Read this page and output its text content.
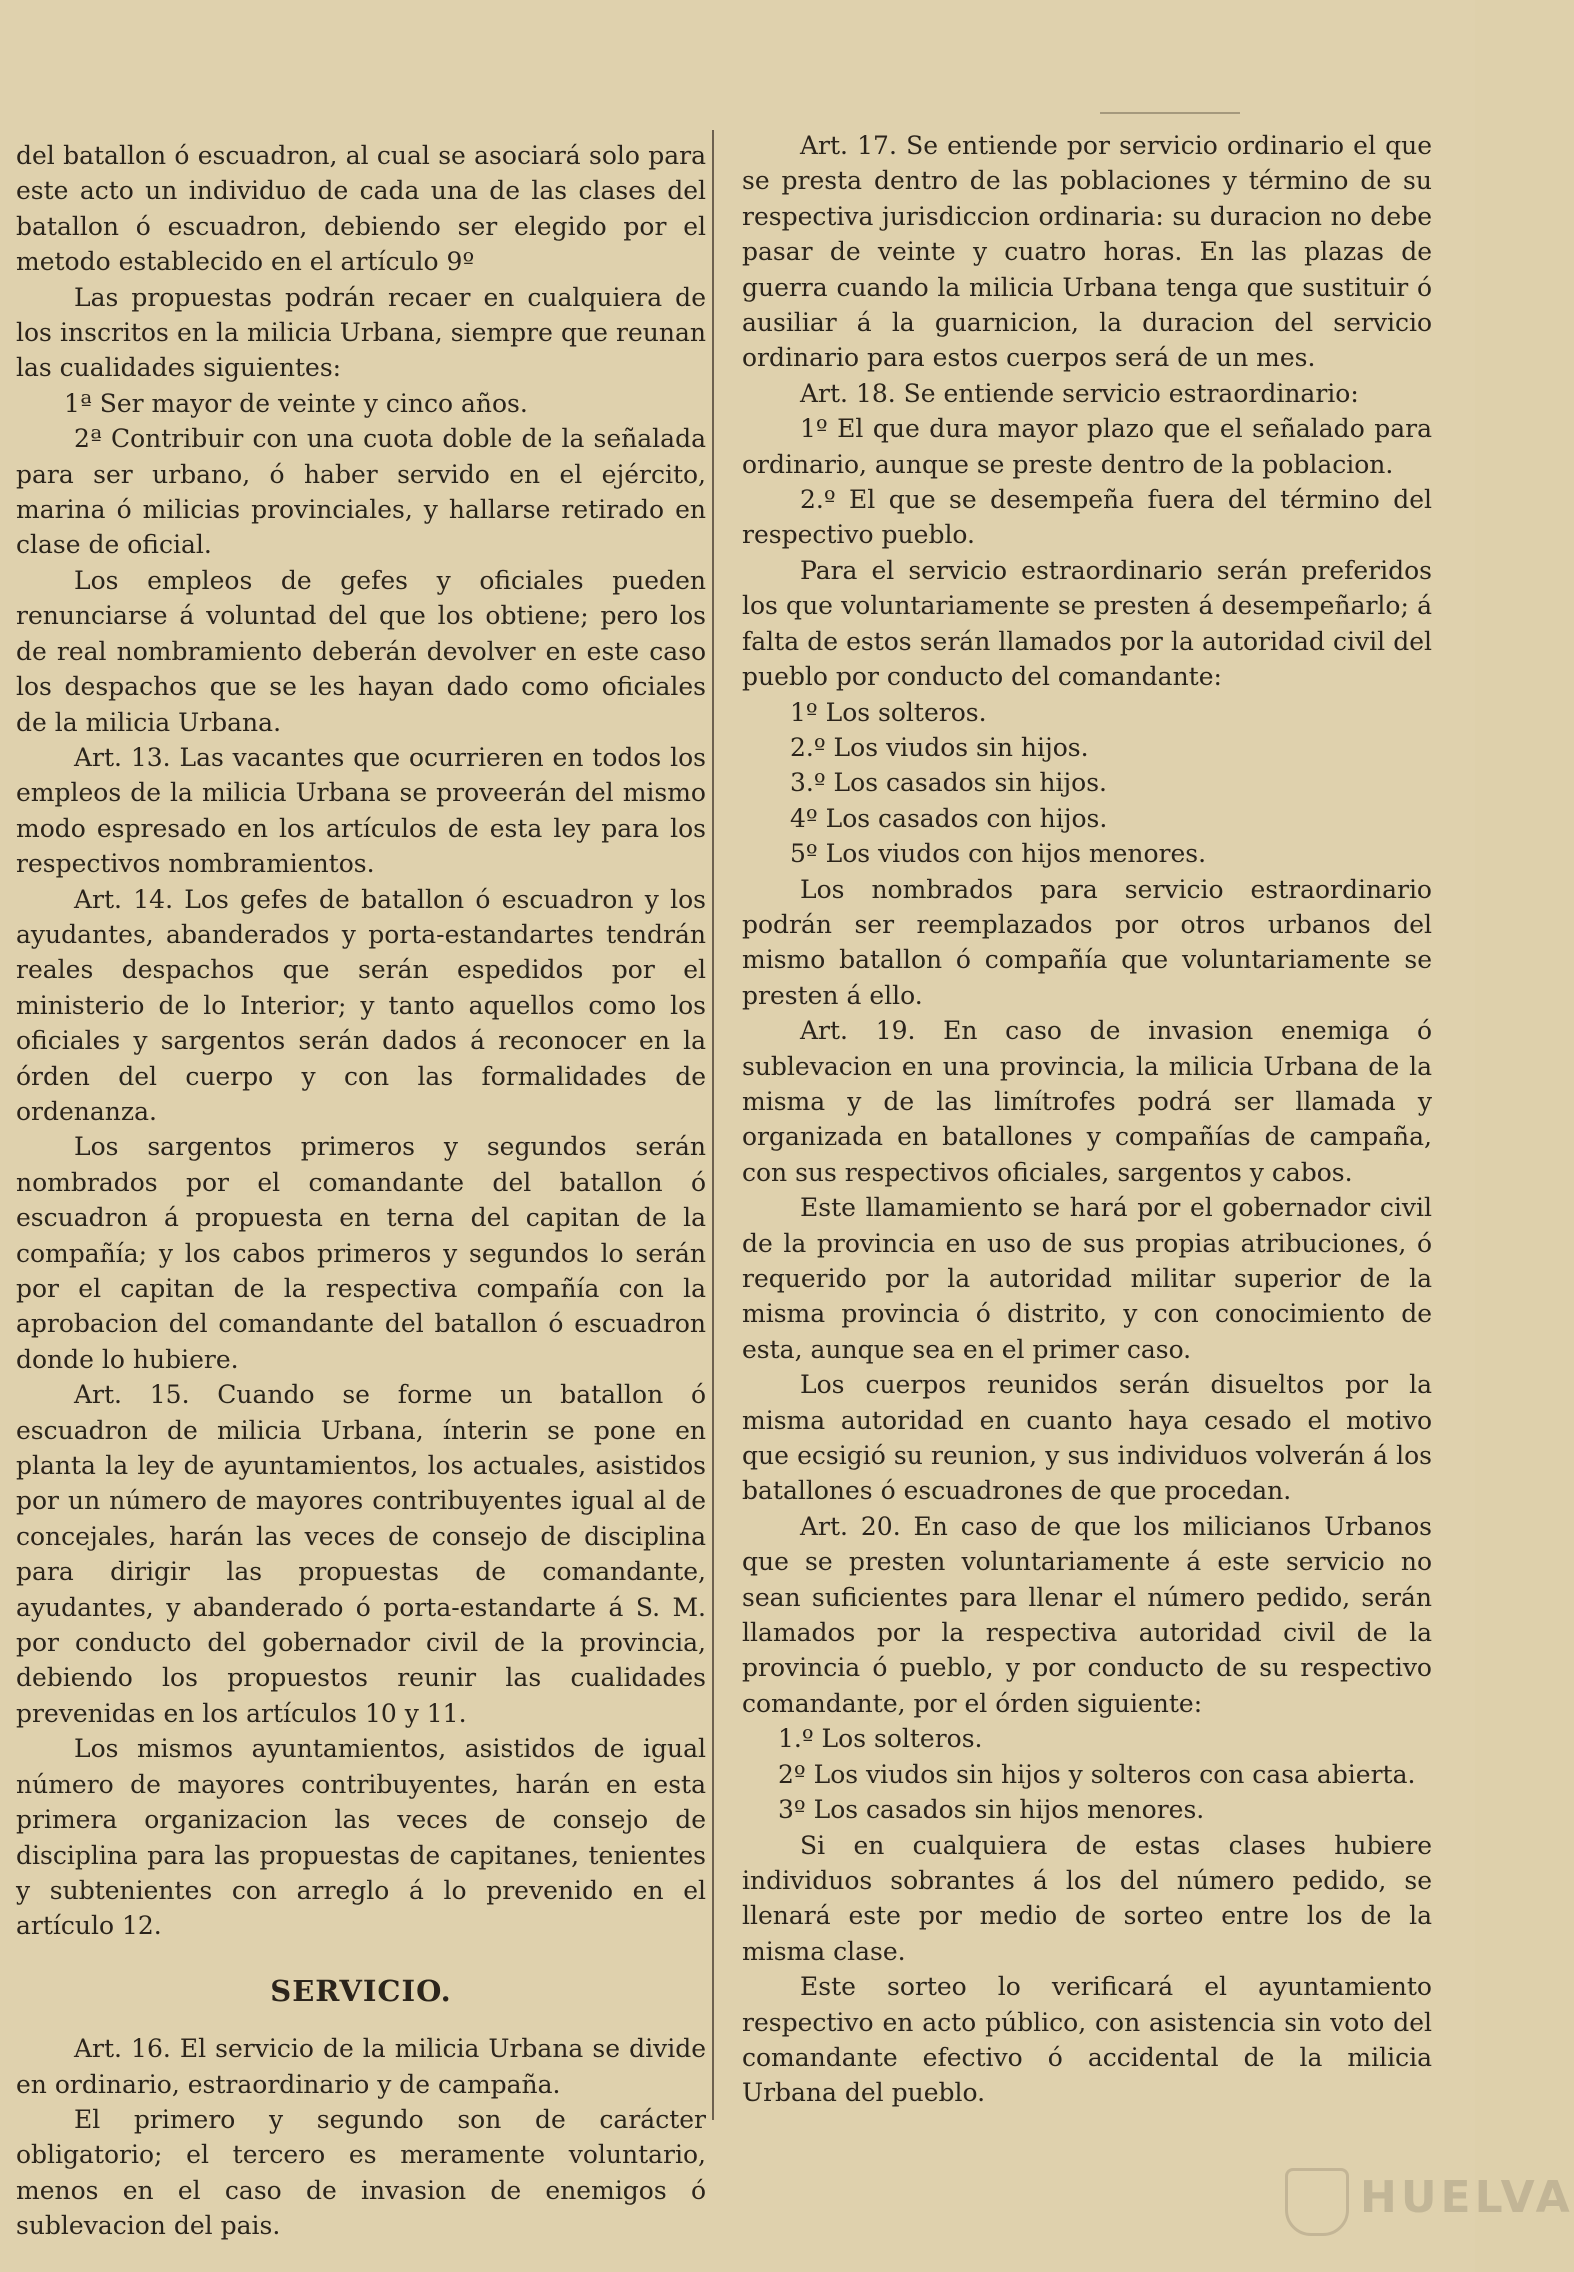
del batallon ó escuadron, al cual se asociará solo para este acto un individuo de cada una de las clases del batallon ó escuadron, debiendo ser elegido por el metodo establecido en el artículo 9º

Las propuestas podrán recaer en cualquiera de los inscritos en la milicia Urbana, siempre que reunan las cualidades siguientes:

1ª Ser mayor de veinte y cinco años.

2ª Contribuir con una cuota doble de la señalada para ser urbano, ó haber servido en el ejército, marina ó milicias provinciales, y hallarse retirado en clase de oficial.

Los empleos de gefes y oficiales pueden renunciarse á voluntad del que los obtiene; pero los de real nombramiento deberán devolver en este caso los despachos que se les hayan dado como oficiales de la milicia Urbana.

Art. 13. Las vacantes que ocurrieren en todos los empleos de la milicia Urbana se proveerán del mismo modo espresado en los artículos de esta ley para los respectivos nombramientos.

Art. 14. Los gefes de batallon ó escuadron y los ayudantes, abanderados y porta-estandartes tendrán reales despachos que serán espedidos por el ministerio de lo Interior; y tanto aquellos como los oficiales y sargentos serán dados á reconocer en la órden del cuerpo y con las formalidades de ordenanza.

Los sargentos primeros y segundos serán nombrados por el comandante del batallon ó escuadron á propuesta en terna del capitan de la compañía; y los cabos primeros y segundos lo serán por el capitan de la respectiva compañía con la aprobacion del comandante del batallon ó escuadron donde lo hubiere.

Art. 15. Cuando se forme un batallon ó escuadron de milicia Urbana, ínterin se pone en planta la ley de ayuntamientos, los actuales, asistidos por un número de mayores contribuyentes igual al de concejales, harán las veces de consejo de disciplina para dirigir las propuestas de comandante, ayudantes, y abanderado ó porta-estandarte á S. M. por conducto del gobernador civil de la provincia, debiendo los propuestos reunir las cualidades prevenidas en los artículos 10 y 11.

Los mismos ayuntamientos, asistidos de igual número de mayores contribuyentes, harán en esta primera organizacion las veces de consejo de disciplina para las propuestas de capitanes, tenientes y subtenientes con arreglo á lo prevenido en el artículo 12.

SERVICIO.

Art. 16. El servicio de la milicia Urbana se divide en ordinario, estraordinario y de campaña.

El primero y segundo son de carácter obligatorio; el tercero es meramente voluntario, menos en el caso de invasion de enemigos ó sublevacion del pais.

Art. 17. Se entiende por servicio ordinario el que se presta dentro de las poblaciones y término de su respectiva jurisdiccion ordinaria: su duracion no debe pasar de veinte y cuatro horas. En las plazas de guerra cuando la milicia Urbana tenga que sustituir ó ausiliar á la guarnicion, la duracion del servicio ordinario para estos cuerpos será de un mes.

Art. 18. Se entiende servicio estraordinario:

1º El que dura mayor plazo que el señalado para ordinario, aunque se preste dentro de la poblacion.

2.º El que se desempeña fuera del término del respectivo pueblo.

Para el servicio estraordinario serán preferidos los que voluntariamente se presten á desempeñarlo; á falta de estos serán llamados por la autoridad civil del pueblo por conducto del comandante:

1º Los solteros.

2.º Los viudos sin hijos.

3.º Los casados sin hijos.

4º Los casados con hijos.

5º Los viudos con hijos menores.

Los nombrados para servicio estraordinario podrán ser reemplazados por otros urbanos del mismo batallon ó compañía que voluntariamente se presten á ello.

Art. 19. En caso de invasion enemiga ó sublevacion en una provincia, la milicia Urbana de la misma y de las limítrofes podrá ser llamada y organizada en batallones y compañías de campaña, con sus respectivos oficiales, sargentos y cabos.

Este llamamiento se hará por el gobernador civil de la provincia en uso de sus propias atribuciones, ó requerido por la autoridad militar superior de la misma provincia ó distrito, y con conocimiento de esta, aunque sea en el primer caso.

Los cuerpos reunidos serán disueltos por la misma autoridad en cuanto haya cesado el motivo que ecsigió su reunion, y sus individuos volverán á los batallones ó escuadrones de que procedan.

Art. 20. En caso de que los milicianos Urbanos que se presten voluntariamente á este servicio no sean suficientes para llenar el número pedido, serán llamados por la respectiva autoridad civil de la provincia ó pueblo, y por conducto de su respectivo comandante, por el órden siguiente:

1.º Los solteros.

2º Los viudos sin hijos y solteros con casa abierta.

3º Los casados sin hijos menores.

Si en cualquiera de estas clases hubiere individuos sobrantes á los del número pedido, se llenará este por medio de sorteo entre los de la misma clase.

Este sorteo lo verificará el ayuntamiento respectivo en acto público, con asistencia sin voto del comandante efectivo ó accidental de la milicia Urbana del pueblo.

HUELVA
